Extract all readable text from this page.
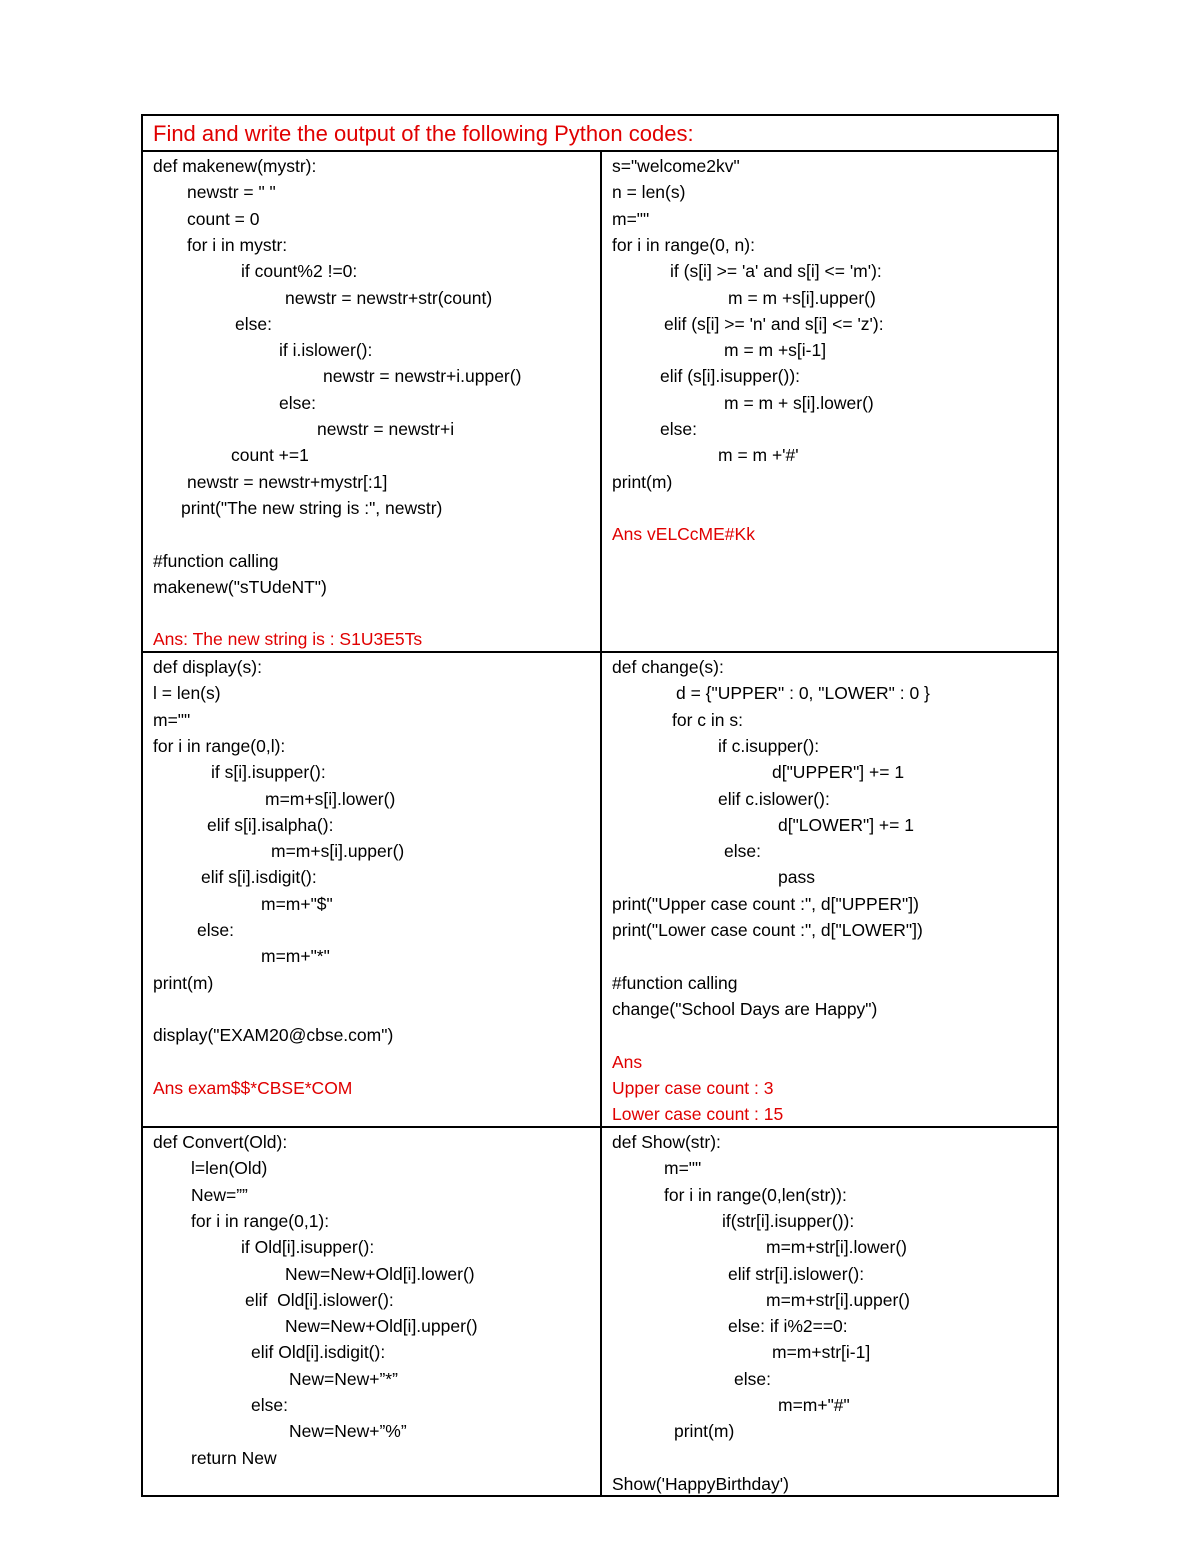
Find and write the output of the following Python codes:
def makenew(mystr):
newstr = " "
count = 0
for i in mystr:
if count%2 !=0:
newstr = newstr+str(count)
else:
if i.islower():
newstr = newstr+i.upper()
else:
newstr = newstr+i
count +=1
newstr = newstr+mystr[:1]
print("The new string is :", newstr)
#function calling
makenew("sTUdeNT")
Ans: The new string is : S1U3E5Ts
s="welcome2kv"
n = len(s)
m=""
for i in range(0, n):
if (s[i] >= 'a' and s[i] <= 'm'):
m = m +s[i].upper()
elif (s[i] >= 'n' and s[i] <= 'z'):
m = m +s[i-1]
elif (s[i].isupper()):
m = m + s[i].lower()
else:
m = m +'#'
print(m)
Ans vELCcME#Kk
def display(s):
l = len(s)
m=""
for i in range(0,l):
if s[i].isupper():
m=m+s[i].lower()
elif s[i].isalpha():
m=m+s[i].upper()
elif s[i].isdigit():
m=m+"$"
else:
m=m+"*"
print(m)
display("EXAM20@cbse.com")
Ans exam$$*CBSE*COM
def change(s):
d = {"UPPER" : 0, "LOWER" : 0 }
for c in s:
if c.isupper():
d["UPPER"] += 1
elif c.islower():
d["LOWER"] += 1
else:
pass
print("Upper case count :", d["UPPER"])
print("Lower case count :", d["LOWER"])
#function calling
change("School Days are Happy")
Ans
Upper case count : 3
Lower case count : 15
def Convert(Old):
l=len(Old)
New=””
for i in range(0,1):
if Old[i].isupper():
New=New+Old[i].lower()
elif  Old[i].islower():
New=New+Old[i].upper()
elif Old[i].isdigit():
New=New+”*”
else:
New=New+”%”
return New
def Show(str):
m=""
for i in range(0,len(str)):
if(str[i].isupper()):
m=m+str[i].lower()
elif str[i].islower():
m=m+str[i].upper()
else: if i%2==0:
m=m+str[i-1]
else:
m=m+"#"
print(m)
Show('HappyBirthday')
